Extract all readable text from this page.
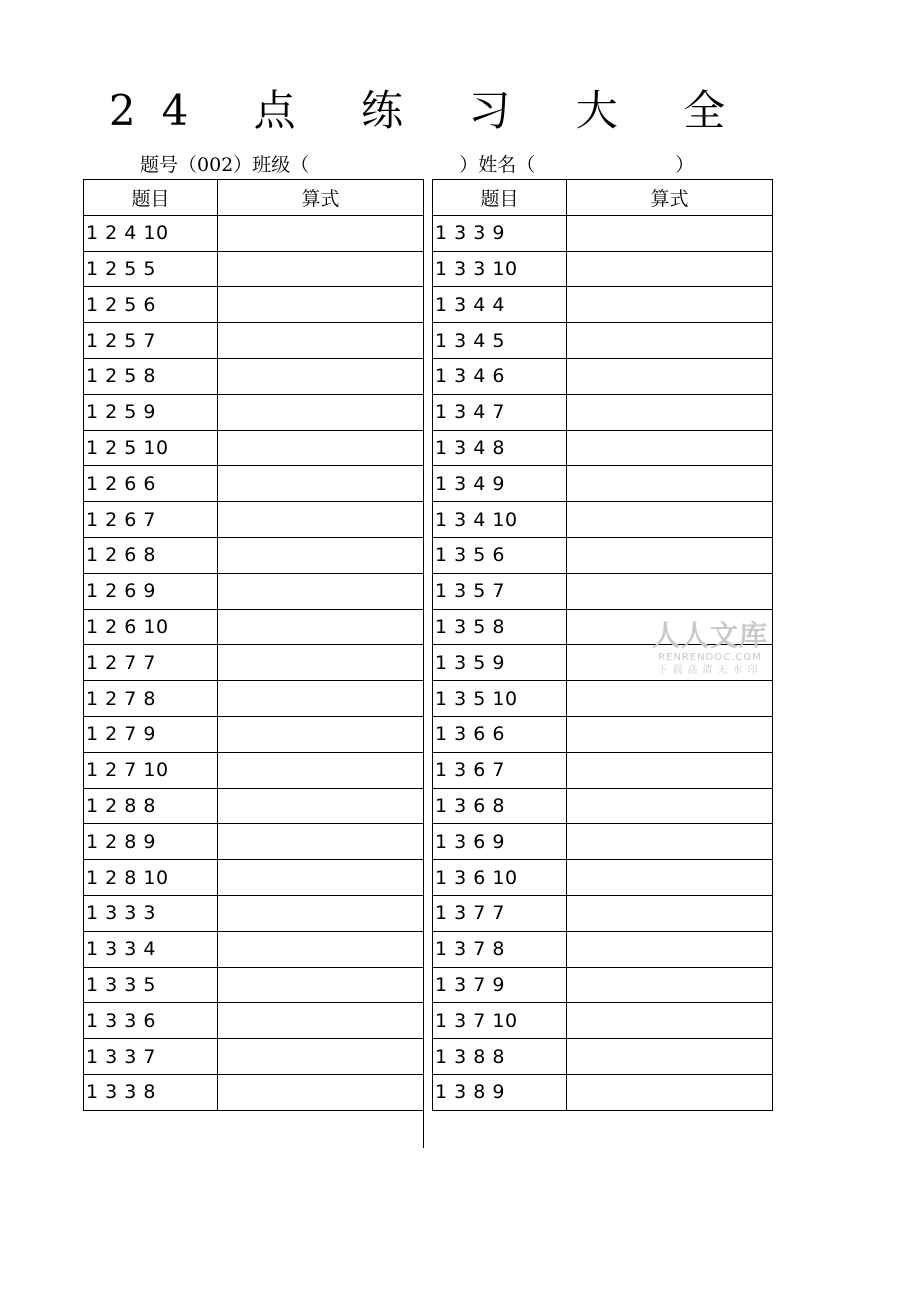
24 点 练 习 大 全
题号（002）班级（	）姓名（	）
题目	算式
1 2 4 10	
1 2 5 5	
1 2 5 6	
1 2 5 7	
1 2 5 8	
1 2 5 9	
1 2 5 10	
1 2 6 6	
1 2 6 7	
1 2 6 8	
1 2 6 9	
1 2 6 10	
1 2 7 7	
1 2 7 8	
1 2 7 9	
1 2 7 10	
1 2 8 8	
1 2 8 9	
1 2 8 10	
1 3 3 3	
1 3 3 4	
1 3 3 5	
1 3 3 6	
1 3 3 7	
1 3 3 8	
题目	算式
1 3 3 9	
1 3 3 10	
1 3 4 4	
1 3 4 5	
1 3 4 6	
1 3 4 7	
1 3 4 8	
1 3 4 9	
1 3 4 10	
1 3 5 6	
1 3 5 7	
1 3 5 8	
1 3 5 9	
1 3 5 10	
1 3 6 6	
1 3 6 7	
1 3 6 8	
1 3 6 9	
1 3 6 10	
1 3 7 7	
1 3 7 8	
1 3 7 9	
1 3 7 10	
1 3 8 8	
1 3 8 9	
人人文库
RENRENDOC.COM
下载高清无水印
